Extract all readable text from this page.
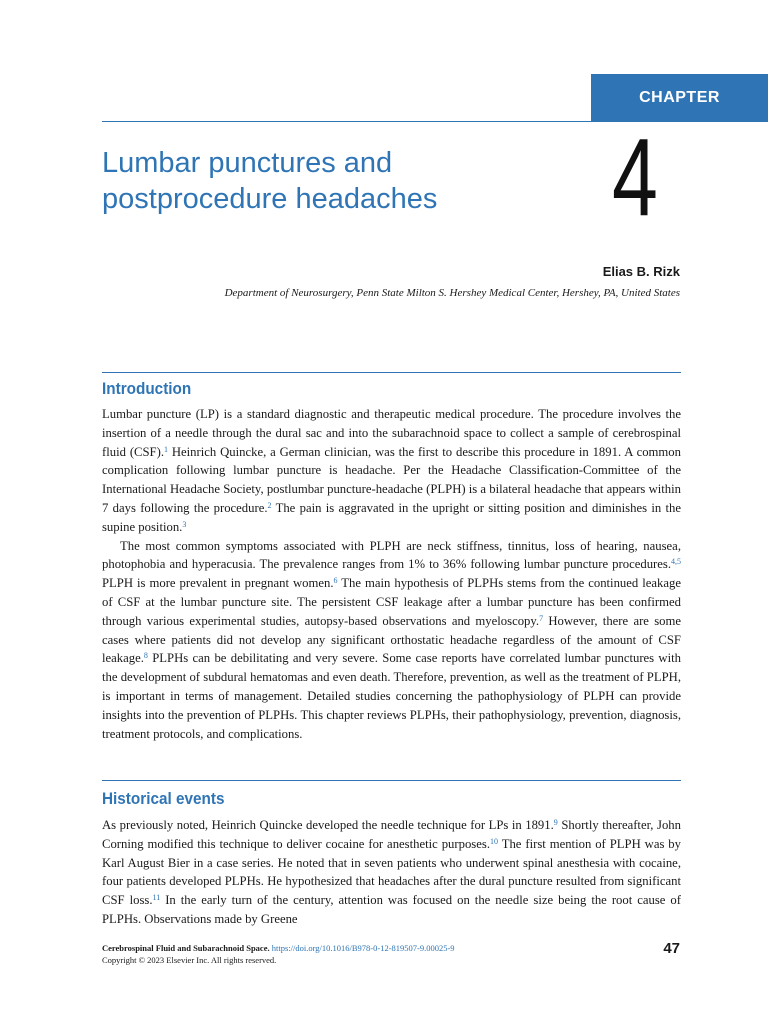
CHAPTER
Lumbar punctures and
postprocedure headaches	4
Elias B. Rizk
Department of Neurosurgery, Penn State Milton S. Hershey Medical Center, Hershey, PA, United States
Introduction

Lumbar puncture (LP) is a standard diagnostic and therapeutic medical procedure. The procedure involves the insertion of a needle through the dural sac and into the subarachnoid space to collect a sample of cerebrospinal fluid (CSF).$^1$ Heinrich Quincke, a German clinician, was the first to describe this procedure in 1891. A common complication following lumbar puncture is headache. Per the Headache Classification-Committee of the International Headache Society, postlumbar puncture-headache (PLPH) is a bilateral headache that appears within 7 days following the procedure.$^2$ The pain is aggravated in the upright or sitting position and diminishes in the supine position.$^3$

The most common symptoms associated with PLPH are neck stiffness, tinnitus, loss of hearing, nausea, photophobia and hyperacusia. The prevalence ranges from 1% to 36% following lumbar puncture procedures.$^{4,5}$ PLPH is more prevalent in pregnant women.$^6$ The main hypothesis of PLPHs stems from the continued leakage of CSF at the lumbar puncture site. The persistent CSF leakage after a lumbar puncture has been confirmed through various experimental studies, autopsy-based observations and myeloscopy.$^7$ However, there are some cases where patients did not develop any significant orthostatic headache regardless of the amount of CSF leakage.$^8$ PLPHs can be debilitating and very severe. Some case reports have correlated lumbar punctures with the development of subdural hematomas and even death. Therefore, prevention, as well as the treatment of PLPH, is important in terms of management. Detailed studies concerning the pathophysiology of PLPH can provide insights into the prevention of PLPHs. This chapter reviews PLPHs, their pathophysiology, prevention, diagnosis, treatment protocols, and complications.

Historical events

As previously noted, Heinrich Quincke developed the needle technique for LPs in 1891.$^9$ Shortly thereafter, John Corning modified this technique to deliver cocaine for anesthetic purposes.$^{10}$ The first mention of PLPH was by Karl August Bier in a case series. He noted that in seven patients who underwent spinal anesthesia with cocaine, four patients developed PLPHs. He hypothesized that headaches after the dural puncture resulted from significant CSF loss.$^{11}$ In the early turn of the century, attention was focused on the needle size being the root cause of PLPHs. Observations made by Greene

Cerebrospinal Fluid and Subarachnoid Space. https://doi.org/10.1016/B978-0-12-819507-9.00025-9
Copyright © 2023 Elsevier Inc. All rights reserved.
47
